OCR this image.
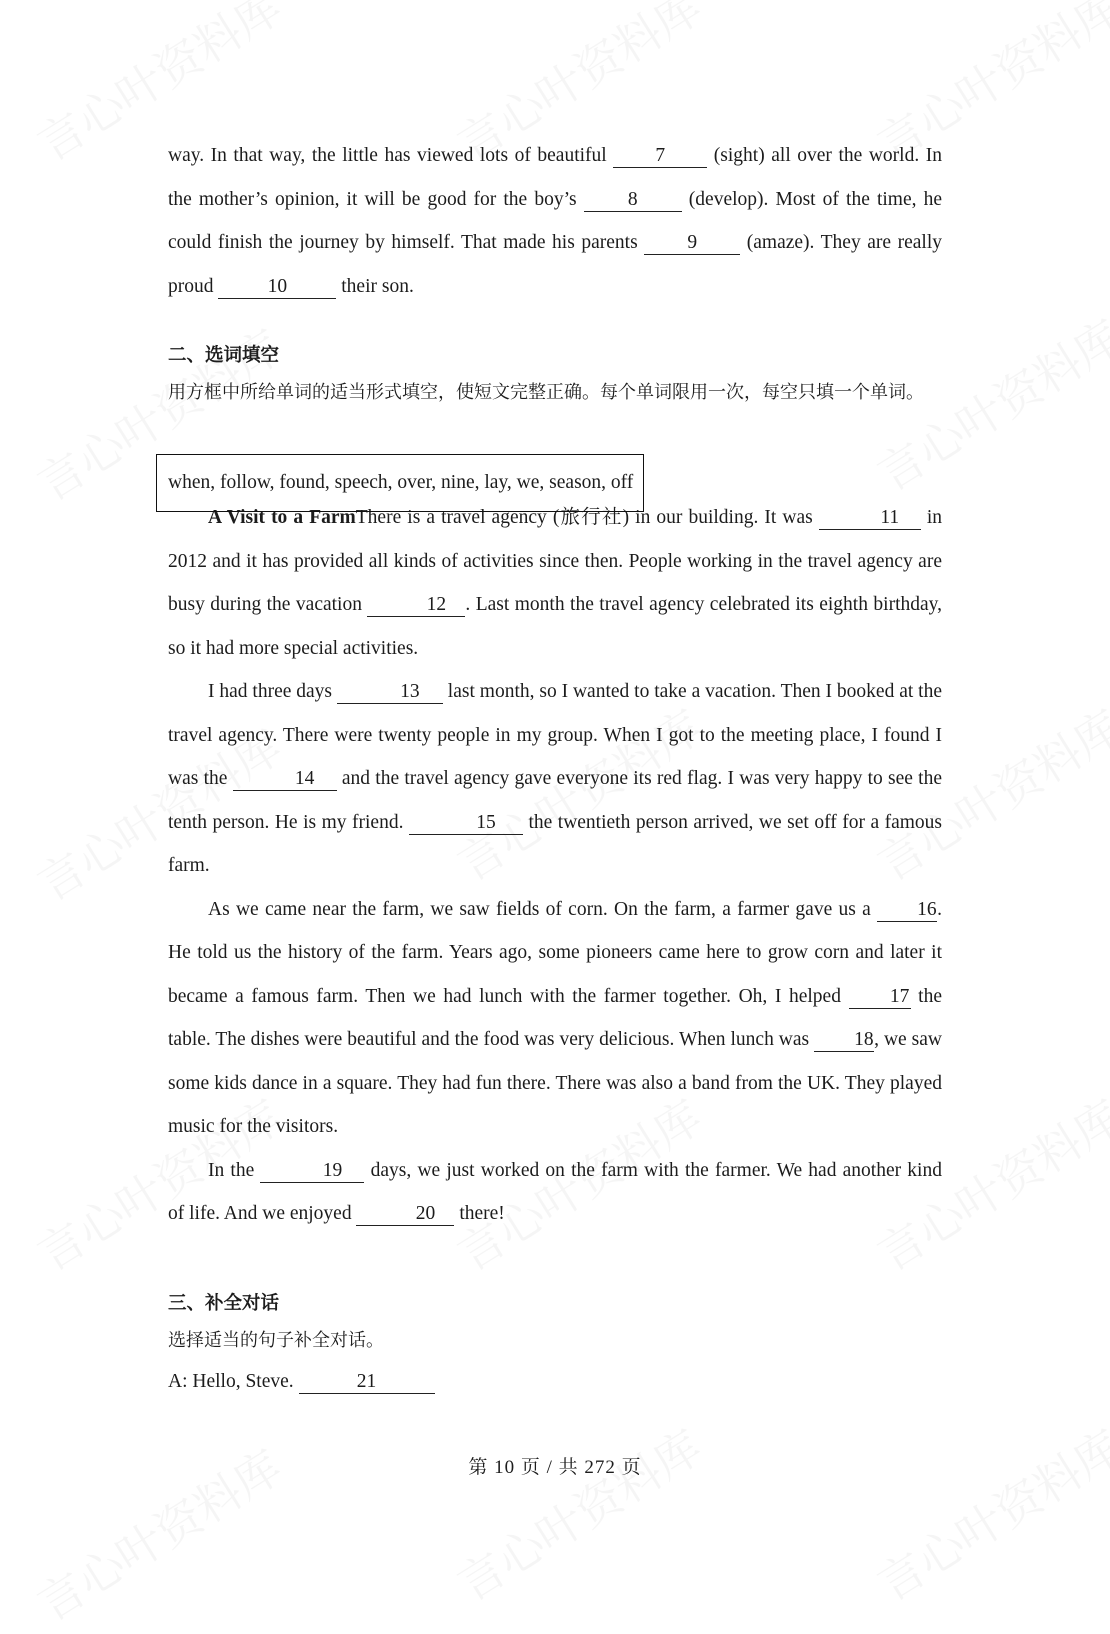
way. In that way, the little has viewed lots of beautiful 7 (sight) all over the world. In the mother’s opinion, it will be good for the boy’s 8 (develop). Most of the time, he could finish the journey by himself. That made his parents 9 (amaze). They are really proud	10	their son.

二、选词填空

用方框中所给单词的适当形式填空，使短文完整正确。每个单词限用一次，每空只填一个单词。

A Visit to a FarmThere is a travel agency (旅行社) in our building. It was	11 in 2012 and it has provided all kinds of activities since then. People working in the travel agency are busy during the vacation	12 . Last month the travel agency celebrated its eighth birthday, so it had more special activities.

I had three days	13 last month, so I wanted to take a vacation. Then I booked at the travel agency. There were twenty people in my group. When I got to the meeting place, I found I was the	14 and the travel agency gave everyone its red flag. I was very happy to see the tenth person. He is my friend.	15 the twentieth person arrived, we set off for a famous farm.

As we came near the farm, we saw fields of corn. On the farm, a farmer gave us a 16. He told us the history of the farm. Years ago, some pioneers came here to grow corn and later it became a famous farm. Then we had lunch with the farmer together. Oh, I helped 17 the table. The dishes were beautiful and the food was very delicious. When lunch was 18, we saw some kids dance in a square. They had fun there. There was also a band from the UK. They played music for the visitors.

In the	19 days, we just worked on the farm with the farmer. We had another kind of life. And we enjoyed	20 there!

三、补全对话

选择适当的句子补全对话。

A: Hello, Steve.	21

when, follow, found, speech, over, nine, lay, we, season, off
第 10 页 / 共 272 页
